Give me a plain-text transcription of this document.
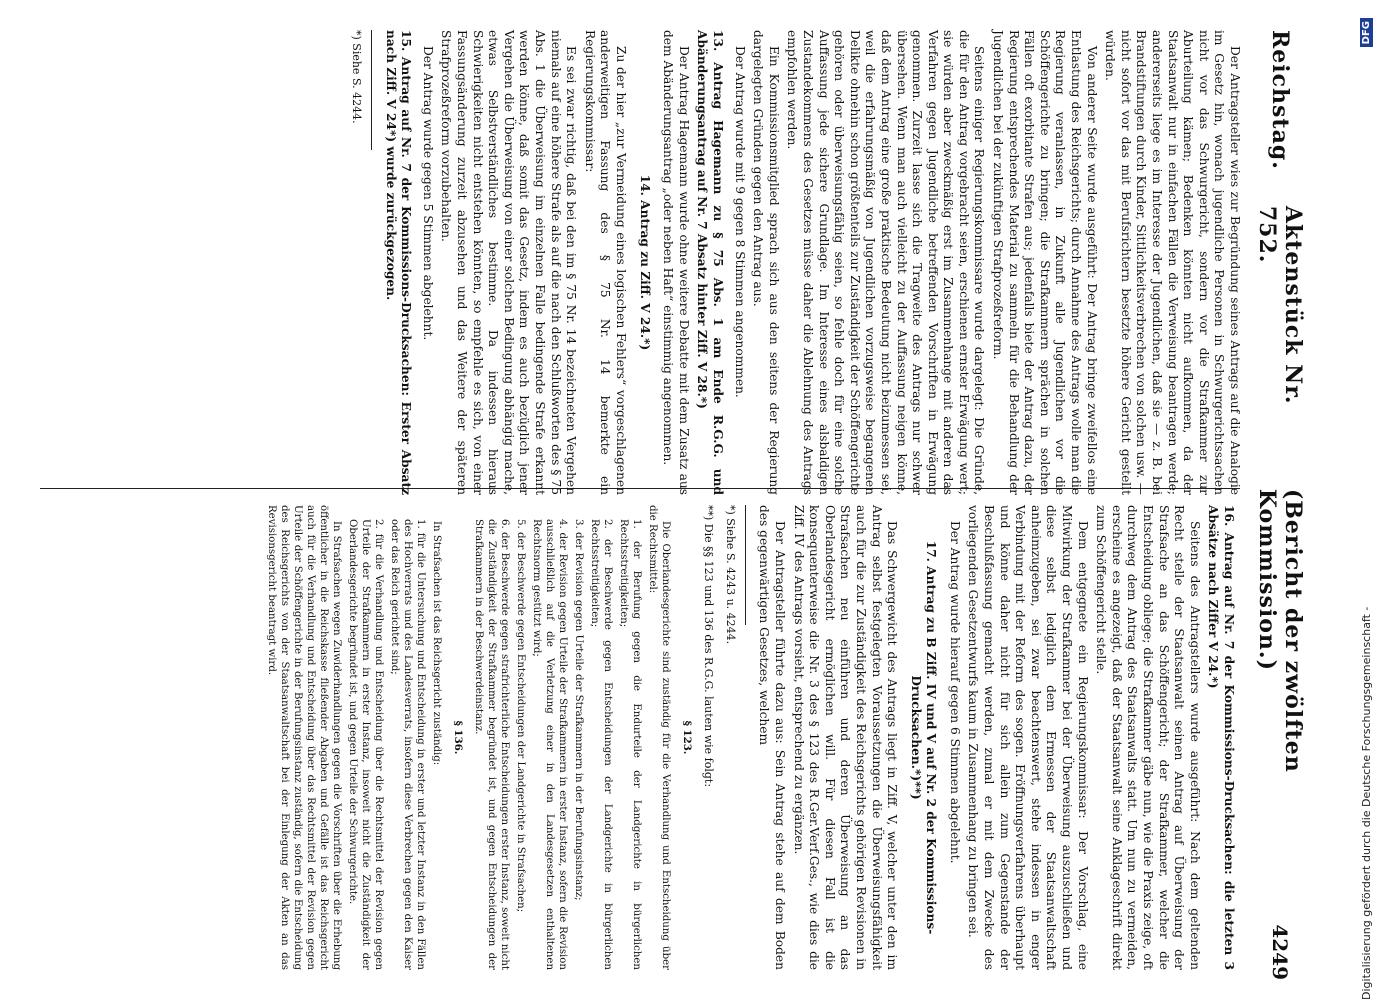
Reichstag.
Aktenstück Nr. 752.
(Bericht der zwölften Kommission.)
4249

Der Antragsteller wies zur Begründung seines Antrags auf die Analogie im Gesetz hin, wonach jugendliche Personen in Schwurgerichtssachen nicht vor das Schwurgericht, sondern vor die Strafkammer zur Aburteilung kämen; Bedenken könnten nicht aufkommen, da der Staatsanwalt nur in einfachen Fällen die Verweisung beantragen werde; andererseits liege es im Interesse der Jugendlichen, daß sie — z. B. bei Brandstiftungen durch Kinder, Sittlichkeitsverbrechen von solchen usw. — nicht sofort vor das mit Berufsrichtern besetzte höhere Gericht gestellt würden.

Von anderer Seite wurde ausgeführt: Der Antrag bringe zweifellos eine Entlastung des Reichsgerichts; durch Annahme des Antrags wolle man die Regierung veranlassen, in Zukunft alle Jugendlichen vor die Schöffengerichte zu bringen; die Strafkammern sprächen in solchen Fällen oft exorbitante Strafen aus; jedenfalls biete der Antrag dazu, der Regierung entsprechendes Material zu sammeln für die Behandlung der Jugendlichen bei der zukünftigen Strafprozeßreform.

Seitens einiger Regierungskommissare wurde dargelegt: Die Gründe, die für den Antrag vorgebracht seien, erschienen ernster Erwägung wert; sie würden aber zweckmäßig erst im Zusammenhange mit anderen das Verfahren gegen Jugendliche betreffenden Vorschriften in Erwägung genommen. Zurzeit lasse sich die Tragweite des Antrags nur schwer übersehen. Wenn man auch vielleicht zu der Auffassung neigen könne, daß dem Antrag eine große praktische Bedeutung nicht beizumessen sei, weil die erfahrungsmäßig von Jugendlichen vorzugsweise begangenen Delikte ohnehin schon größtenteils zur Zuständigkeit der Schöffengerichte gehören oder überweisungsfähig seien, so fehle doch für eine solche Auffassung jede sichere Grundlage. Im Interesse eines alsbaldigen Zustandekommens des Gesetzes müsse daher die Ablehnung des Antrags empfohlen werden.

Ein Kommissionsmitglied sprach sich aus den seitens der Regierung dargelegten Gründen gegen den Antrag aus.

Der Antrag wurde mit 9 gegen 8 Stimmen angenommen.

13. Antrag Hagemann zu § 75 Abs. 1 am Ende R.G.G. und Abänderungsantrag auf Nr. 7 Absatz hinter Ziff. V 28.*)

Der Antrag Hagemann wurde ohne weitere Debatte mit dem Zusatz aus dem Abänderungsantrag „oder neben Haft“ einstimmig angenommen.

14. Antrag zu Ziff. V 24.*)

Zu der hier „zur Vermeidung eines logischen Fehlers“ vorgeschlagenen anderweitigen Fassung des § 75 Nr. 14 bemerkte ein Regierungskommissar:

Es sei zwar richtig, daß bei den im § 75 Nr. 14 bezeichneten Vergehen niemals auf eine höhere Strafe als auf die nach den Schlußworten des § 75 Abs. 1 die Überweisung im einzelnen Falle bedingende Strafe erkannt werden könne, daß somit das Gesetz, indem es auch bezüglich jener Vergehen die Überweisung von einer solchen Bedingung abhängig mache, etwas Selbstverständliches bestimme. Da indessen hieraus Schwierigkeiten nicht entstehen könnten, so empfehle es sich, von einer Fassungsänderung zurzeit abzusehen und das Weitere der späteren Strafprozeßreform vorzubehalten.

Der Antrag wurde gegen 5 Stimmen abgelehnt.

15. Antrag auf Nr. 7 der Kommissions-Drucksachen: Erster Absatz nach Ziff. V 24*) wurde zurückgezogen.

*) Siehe S. 4244.

16. Antrag auf Nr. 7 der Kommissions-Drucksachen: die letzten 3 Absätze nach Ziffer V 24.*)

Seitens des Antragstellers wurde ausgeführt: Nach dem geltenden Recht stelle der Staatsanwalt seinen Antrag auf Überweisung der Strafsache an das Schöffengericht; der Strafkammer, welcher die Entscheidung obliege; die Strafkammer gäbe nun, wie die Praxis zeige, oft durchweg dem Antrag des Staatsanwalts statt. Um nun zu vermeiden, erscheine es angezeigt, daß der Staatsanwalt seine Anklageschrift direkt zum Schöffengericht stelle.

Dem entgegnete ein Regierungskommissar: Der Vorschlag, eine Mitwirkung der Strafkammer bei der Überweisung auszuschließen und diese selbst lediglich dem Ermessen der Staatsanwaltschaft anheimzugeben, sei zwar beachtenswert, stehe indessen in enger Verbindung mit der Reform des sogen. Eröffnungsverfahrens überhaupt und könne daher nicht für sich allein zum Gegenstande der Beschlußfassung gemacht werden, zumal er mit dem Zwecke des vorliegenden Gesetzentwurfs kaum in Zusammenhang zu bringen sei.

Der Antrag wurde hierauf gegen 6 Stimmen abgelehnt.

17. Antrag zu B Ziff. IV und V auf Nr. 2 der Kommissions-Drucksachen.*)**)

Das Schwergewicht des Antrags liegt in Ziff. V, welcher unter den im Antrag selbst festgelegten Voraussetzungen die Überweisungsfähigkeit auch für die zur Zuständigkeit des Reichsgerichts gehörigen Revisionen in Strafsachen neu einführen und deren Überweisung an das Oberlandesgericht ermöglichen will. Für diesen Fall ist die konsequenterweise die Nr. 3 des § 123 des R.Ger.Verf.Ges., wie dies die Ziff. IV des Antrags vorsieht, entsprechend zu ergänzen.

Der Antragsteller führte dazu aus: Sein Antrag stehe auf dem Boden des gegenwärtigen Gesetzes, welchem

*) Siehe S. 4243 u. 4244.

**) Die §§ 123 und 136 des R.G.G. lauten wie folgt:

§ 123.

Die Oberlandesgerichte sind zuständig für die Verhandlung und Entscheidung über die Rechtsmittel:

1. der Berufung gegen die Endurteile der Landgerichte in bürgerlichen Rechtsstreitigkeiten;

2. der Beschwerde gegen Entscheidungen der Landgerichte in bürgerlichen Rechtsstreitigkeiten;

3. der Revision gegen Urteile der Strafkammern in der Berufungsinstanz;

4. der Revision gegen Urteile der Strafkammern in erster Instanz, sofern die Revision ausschließlich auf die Verletzung einer in den Landesgesetzen enthaltenen Rechtsnorm gestützt wird;

5. der Beschwerde gegen Entscheidungen der Landgerichte in Strafsachen;

6. der Beschwerde gegen strafrichterliche Entscheidungen erster Instanz, soweit nicht die Zuständigkeit der Strafkammer begründet ist, und gegen Entscheidungen der Strafkammern in der Beschwerdeinstanz.

§ 136.

In Strafsachen ist das Reichsgericht zuständig:

1. für die Untersuchung und Entscheidung in erster und letzter Instanz in den Fällen des Hochverrats und des Landesverrats, insofern diese Verbrechen gegen den Kaiser oder das Reich gerichtet sind;

2. für die Verhandlung und Entscheidung über die Rechtsmittel der Revision gegen Urteile der Strafkammern in erster Instanz, insoweit nicht die Zuständigkeit der Oberlandesgerichte begründet ist, und gegen Urteile der Schwurgerichte.

In Strafsachen wegen Zuwiderhandlungen gegen die Vorschriften über die Erhebung öffentlicher in die Reichskasse fließender Abgaben und Gefälle ist das Reichsgericht auch für die Verhandlung und Entscheidung über das Rechtsmittel der Revision gegen Urteile der Schöffengerichte in der Berufungsinstanz zuständig, sofern die Entscheidung des Reichsgerichts von der Staatsanwaltschaft bei der Einlegung der Akten an das Revisionsgericht beantragt wird.

Digitalisierung gefördert durch die Deutsche Forschungsgemeinschaft -
DFG
